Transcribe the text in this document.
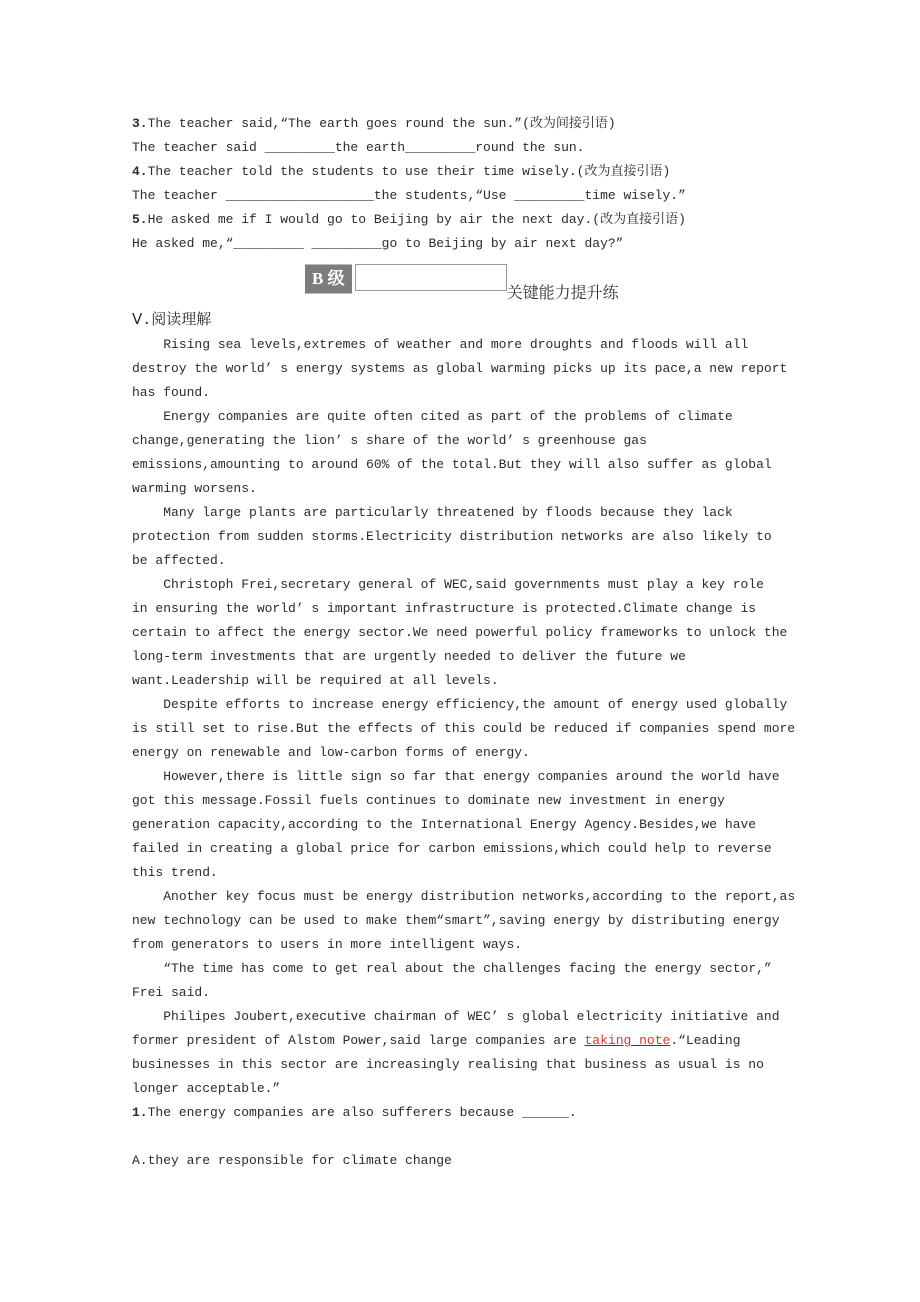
3.The teacher said,“The earth goes round the sun.”(改为间接引语)
The teacher said _________the earth_________round the sun.
4.The teacher told the students to use their time wisely.(改为直接引语)
The teacher ___________________the students,“Use _________time wisely.”
5.He asked me if I would go to Beijing by air the next day.(改为直接引语)
He asked me,“_________ _________go to Beijing by air next day?”
B 级
关键能力提升练
Ⅴ.阅读理解
Rising sea levels,extremes of weather and more droughts and floods will all
destroy the world’ s energy systems as global warming picks up its pace,a new report
has found.
Energy companies are quite often cited as part of the problems of climate
change,generating the lion’ s share of the world’ s greenhouse gas
emissions,amounting to around 60% of the total.But they will also suffer as global
warming worsens.
Many large plants are particularly threatened by floods because they lack
protection from sudden storms.Electricity distribution networks are also likely to
be affected.
Christoph Frei,secretary general of WEC,said governments must play a key role
in ensuring the world’ s important infrastructure is protected.Climate change is
certain to affect the energy sector.We need powerful policy frameworks to unlock the
long-term investments that are urgently needed to deliver the future we
want.Leadership will be required at all levels.
Despite efforts to increase energy efficiency,the amount of energy used globally
is still set to rise.But the effects of this could be reduced if companies spend more
energy on renewable and low-carbon forms of energy.
However,there is little sign so far that energy companies around the world have
got this message.Fossil fuels continues to dominate new investment in energy
generation capacity,according to the International Energy Agency.Besides,we have
failed in creating a global price for carbon emissions,which could help to reverse
this trend.
Another key focus must be energy distribution networks,according to the report,as
new technology can be used to make them“smart”,saving energy by distributing energy
from generators to users in more intelligent ways.
“The time has come to get real about the challenges facing the energy sector,”
Frei said.
Philipes Joubert,executive chairman of WEC’ s global electricity initiative and
former president of Alstom Power,said large companies are taking note.“Leading
businesses in this sector are increasingly realising that business as usual is no
longer acceptable.”
1.The energy companies are also sufferers because ______.
A.they are responsible for climate change
